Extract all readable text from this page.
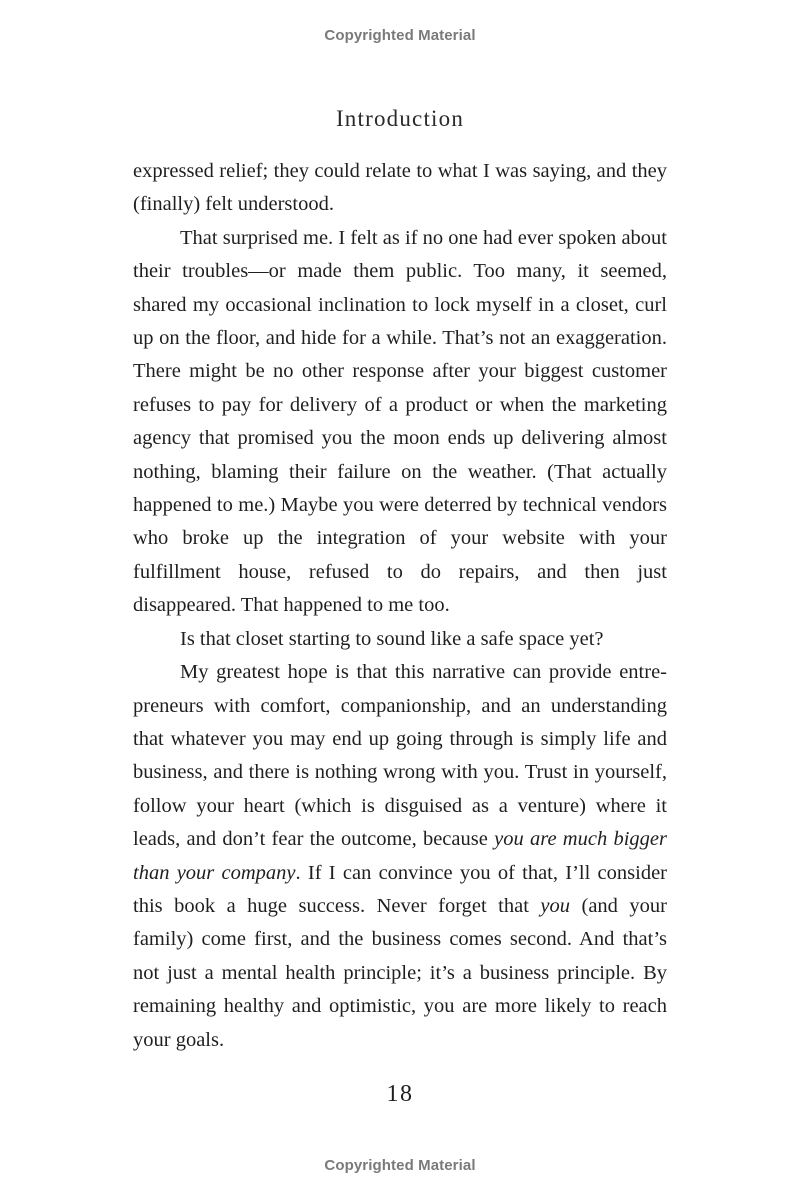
Copyrighted Material
Introduction

expressed relief; they could relate to what I was saying, and they (finally) felt understood.

That surprised me. I felt as if no one had ever spoken about their troubles—or made them public. Too many, it seemed, shared my occasional inclination to lock myself in a closet, curl up on the floor, and hide for a while. That’s not an exaggeration. There might be no other response after your biggest customer refuses to pay for delivery of a product or when the marketing agency that promised you the moon ends up delivering almost nothing, blaming their failure on the weather. (That actually happened to me.) Maybe you were deterred by technical vendors who broke up the integration of your website with your fulfillment house, refused to do repairs, and then just disappeared. That happened to me too.

Is that closet starting to sound like a safe space yet?

My greatest hope is that this narrative can provide entrepreneurs with comfort, companionship, and an understanding that whatever you may end up going through is simply life and business, and there is nothing wrong with you. Trust in yourself, follow your heart (which is disguised as a venture) where it leads, and don’t fear the outcome, because you are much bigger than your company. If I can convince you of that, I’ll consider this book a huge success. Never forget that you (and your family) come first, and the business comes second. And that’s not just a mental health principle; it’s a business principle. By remaining healthy and optimistic, you are more likely to reach your goals.

18
Copyrighted Material
